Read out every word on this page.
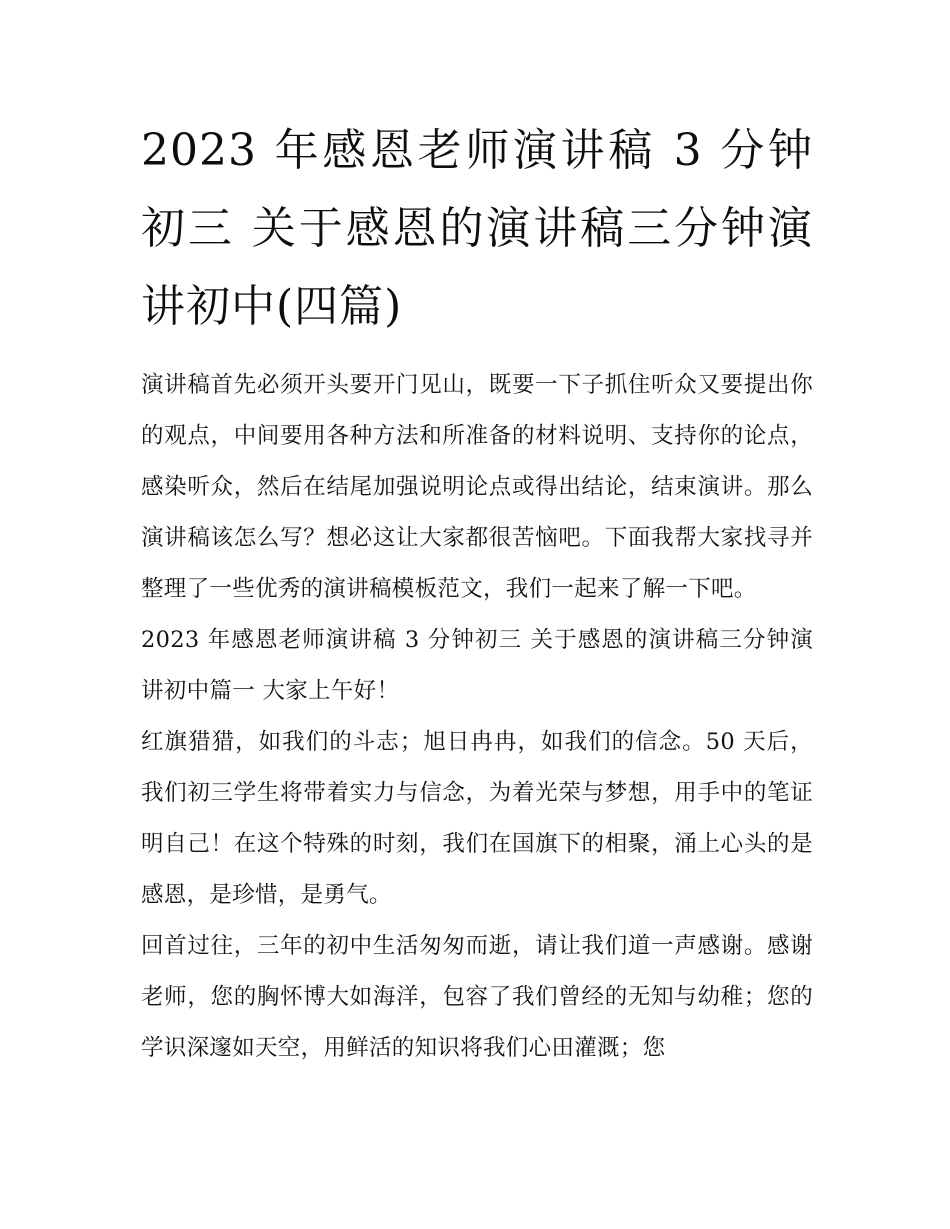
2023 年感恩老师演讲稿 3 分钟初三 关于感恩的演讲稿三分钟演讲初中(四篇)

演讲稿首先必须开头要开门见山，既要一下子抓住听众又要提出你的观点，中间要用各种方法和所准备的材料说明、支持你的论点，感染听众，然后在结尾加强说明论点或得出结论，结束演讲。那么演讲稿该怎么写？想必这让大家都很苦恼吧。下面我帮大家找寻并整理了一些优秀的演讲稿模板范文，我们一起来了解一下吧。

2023 年感恩老师演讲稿 3 分钟初三 关于感恩的演讲稿三分钟演讲初中篇一 大家上午好！

红旗猎猎，如我们的斗志；旭日冉冉，如我们的信念。50 天后，我们初三学生将带着实力与信念，为着光荣与梦想，用手中的笔证明自己！在这个特殊的时刻，我们在国旗下的相聚，涌上心头的是感恩，是珍惜，是勇气。

回首过往，三年的初中生活匆匆而逝，请让我们道一声感谢。感谢老师，您的胸怀博大如海洋，包容了我们曾经的无知与幼稚；您的学识深邃如天空，用鲜活的知识将我们心田灌溉；您
